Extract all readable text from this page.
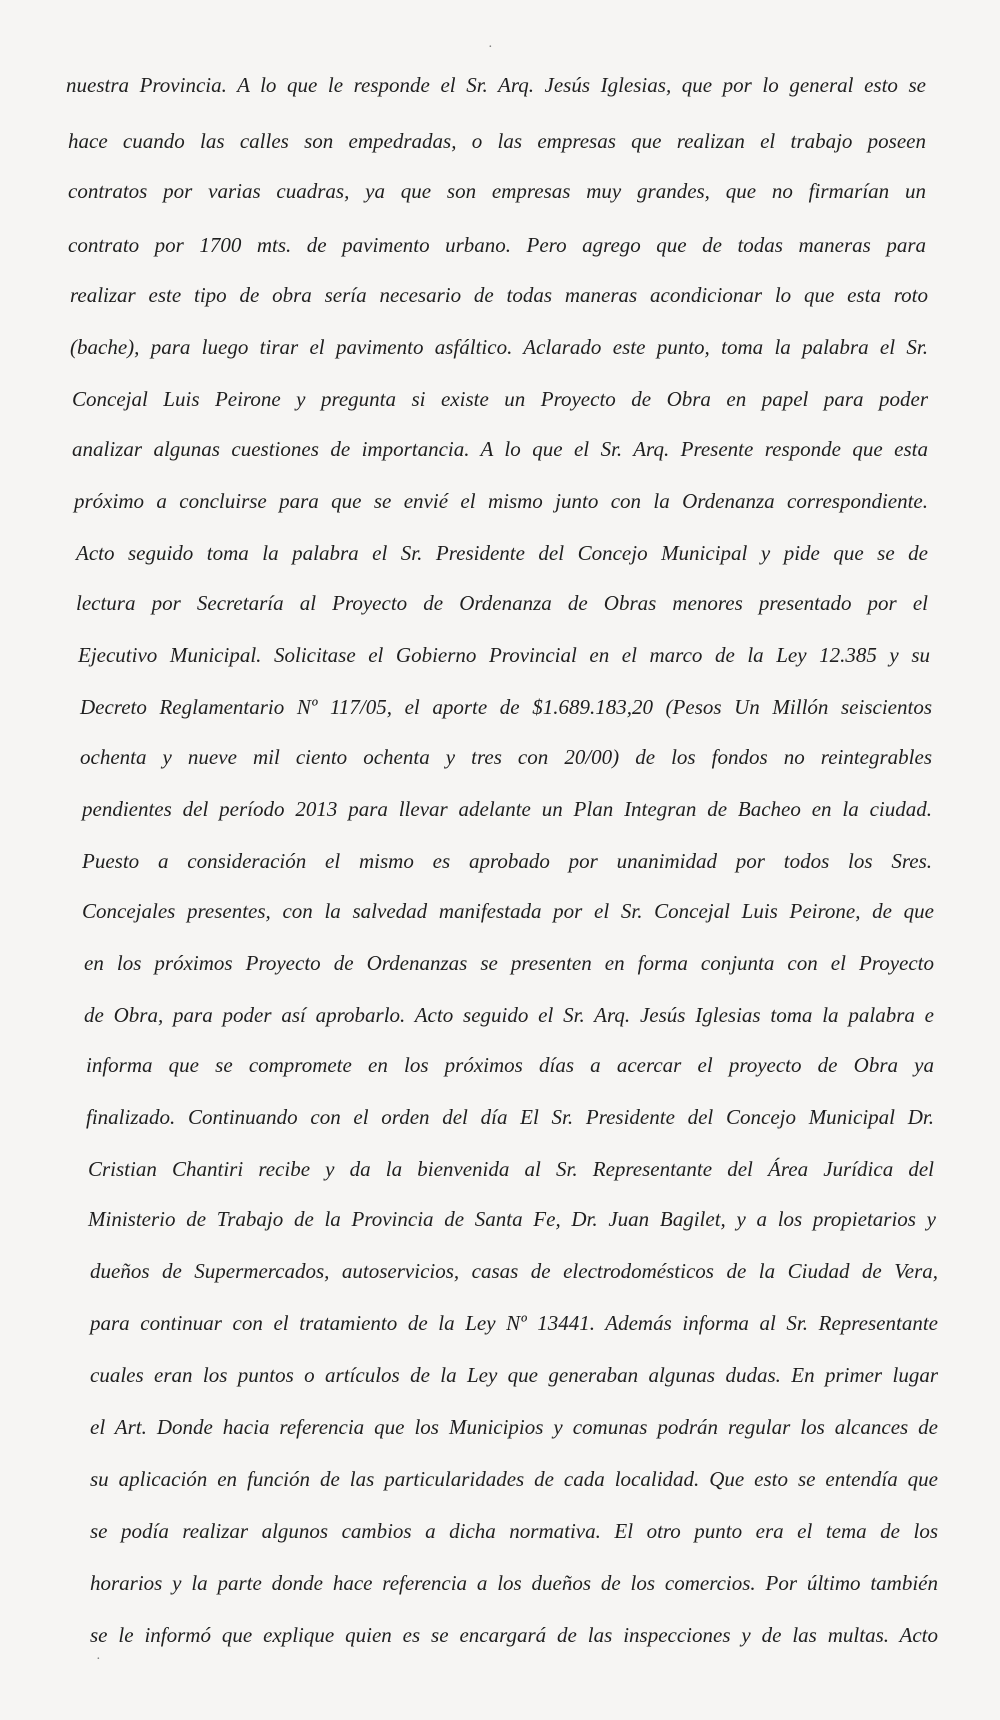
·
·
nuestra Provincia. A lo que le responde el Sr. Arq. Jesús Iglesias, que por lo general esto se
hace cuando las calles son empedradas, o las empresas que realizan el trabajo poseen
contratos por varias cuadras, ya que son empresas muy grandes, que no firmarían un
contrato por 1700 mts. de pavimento urbano. Pero agrego que de todas maneras para
realizar este tipo de obra sería necesario de todas maneras acondicionar lo que esta roto
(bache), para luego tirar el pavimento asfáltico. Aclarado este punto, toma la palabra el Sr.
Concejal Luis Peirone y pregunta si existe un Proyecto de Obra en papel para poder
analizar algunas cuestiones de importancia. A lo que el Sr. Arq. Presente responde que esta
próximo a concluirse para que se envié el mismo junto con la Ordenanza correspondiente.
Acto seguido toma la palabra el Sr. Presidente del Concejo Municipal y pide que se de
lectura por Secretaría al Proyecto de Ordenanza de Obras menores presentado por el
Ejecutivo Municipal. Solicitase el Gobierno Provincial en el marco de la Ley 12.385 y su
Decreto Reglamentario Nº 117/05, el aporte de $1.689.183,20 (Pesos Un Millón seiscientos
ochenta y nueve mil ciento ochenta y tres con 20/00) de los fondos no reintegrables
pendientes del período 2013 para llevar adelante un Plan Integran de Bacheo en la ciudad.
Puesto a consideración el mismo es aprobado por unanimidad por todos los Sres.
Concejales presentes, con la salvedad manifestada por el Sr. Concejal Luis Peirone, de que
en los próximos Proyecto de Ordenanzas se presenten en forma conjunta con el Proyecto
de Obra, para poder así aprobarlo. Acto seguido el Sr. Arq. Jesús Iglesias toma la palabra e
informa que se compromete en los próximos días a acercar el proyecto de Obra ya
finalizado. Continuando con el orden del día El Sr. Presidente del Concejo Municipal Dr.
Cristian Chantiri recibe y da la bienvenida al Sr. Representante del Área Jurídica del
Ministerio de Trabajo de la Provincia de Santa Fe, Dr. Juan Bagilet, y a los propietarios y
dueños de Supermercados, autoservicios, casas de electrodomésticos de la Ciudad de Vera,
para continuar con el tratamiento de la Ley Nº 13441. Además informa al Sr. Representante
cuales eran los puntos o artículos de la Ley que generaban algunas dudas. En primer lugar
el Art. Donde hacia referencia que los Municipios y comunas podrán regular los alcances de
su aplicación en función de las particularidades de cada localidad. Que esto se entendía que
se podía realizar algunos cambios a dicha normativa. El otro punto era el tema de los
horarios y la parte donde hace referencia a los dueños de los comercios. Por último también
se le informó que explique quien es se encargará de las inspecciones y de las multas. Acto
